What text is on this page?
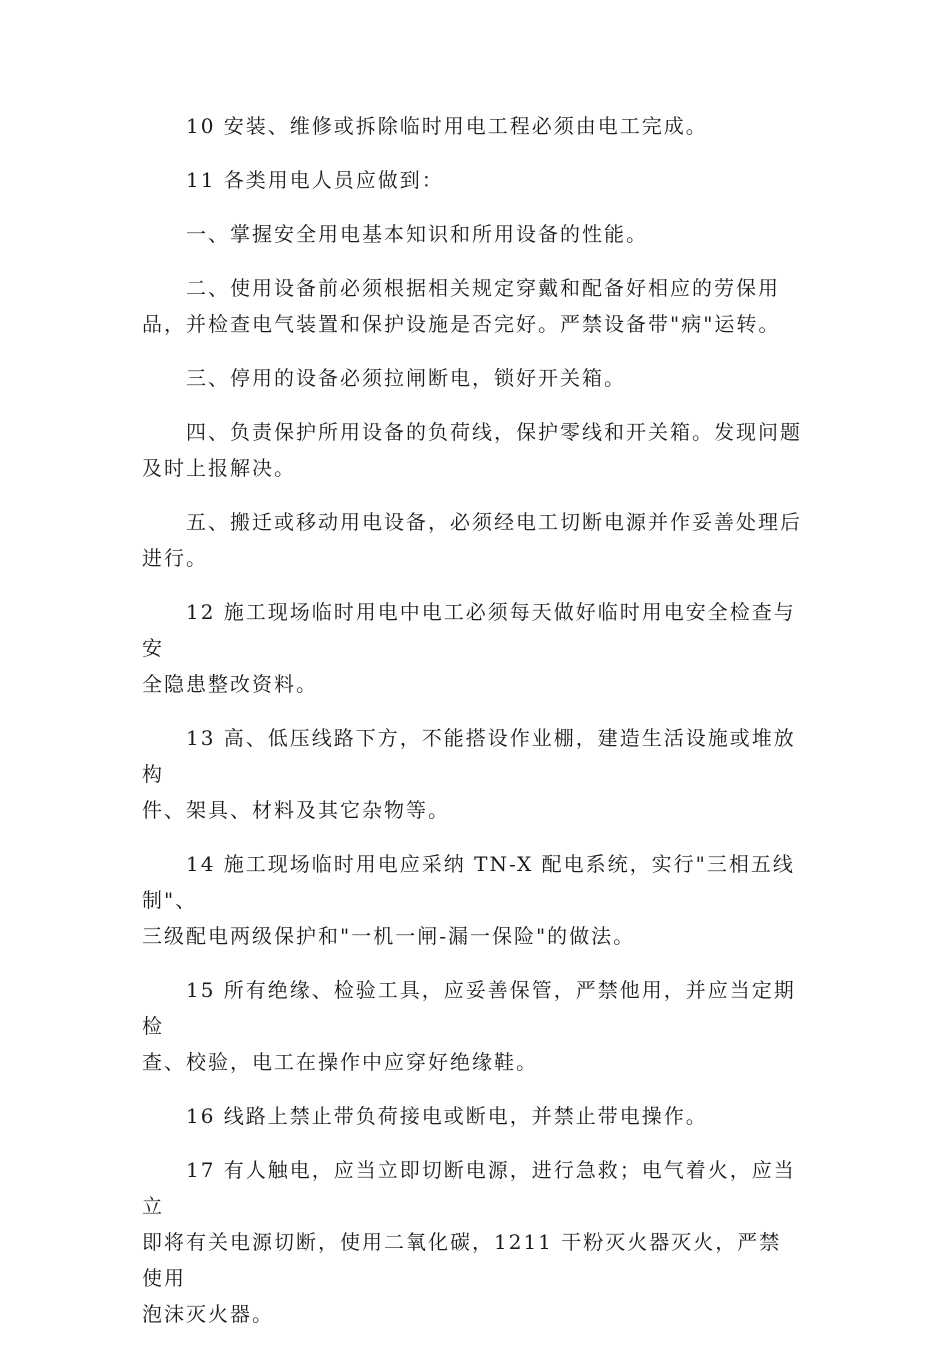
10 安装、维修或拆除临时用电工程必须由电工完成。

11 各类用电人员应做到：

一、掌握安全用电基本知识和所用设备的性能。

二、使用设备前必须根据相关规定穿戴和配备好相应的劳保用
品，并检查电气装置和保护设施是否完好。严禁设备带"病"运转。

三、停用的设备必须拉闸断电，锁好开关箱。

四、负责保护所用设备的负荷线，保护零线和开关箱。发现问题
及时上报解决。

五、搬迁或移动用电设备，必须经电工切断电源并作妥善处理后
进行。

12 施工现场临时用电中电工必须每天做好临时用电安全检查与安
全隐患整改资料。

13 高、低压线路下方，不能搭设作业棚，建造生活设施或堆放构
件、架具、材料及其它杂物等。

14 施工现场临时用电应采纳 TN-X 配电系统，实行"三相五线制"、
三级配电两级保护和"一机一闸-漏一保险"的做法。

15 所有绝缘、检验工具，应妥善保管，严禁他用，并应当定期检
查、校验，电工在操作中应穿好绝缘鞋。

16 线路上禁止带负荷接电或断电，并禁止带电操作。

17 有人触电，应当立即切断电源，进行急救；电气着火，应当立
即将有关电源切断，使用二氧化碳，1211 干粉灭火器灭火，严禁使用
泡沫灭火器。
